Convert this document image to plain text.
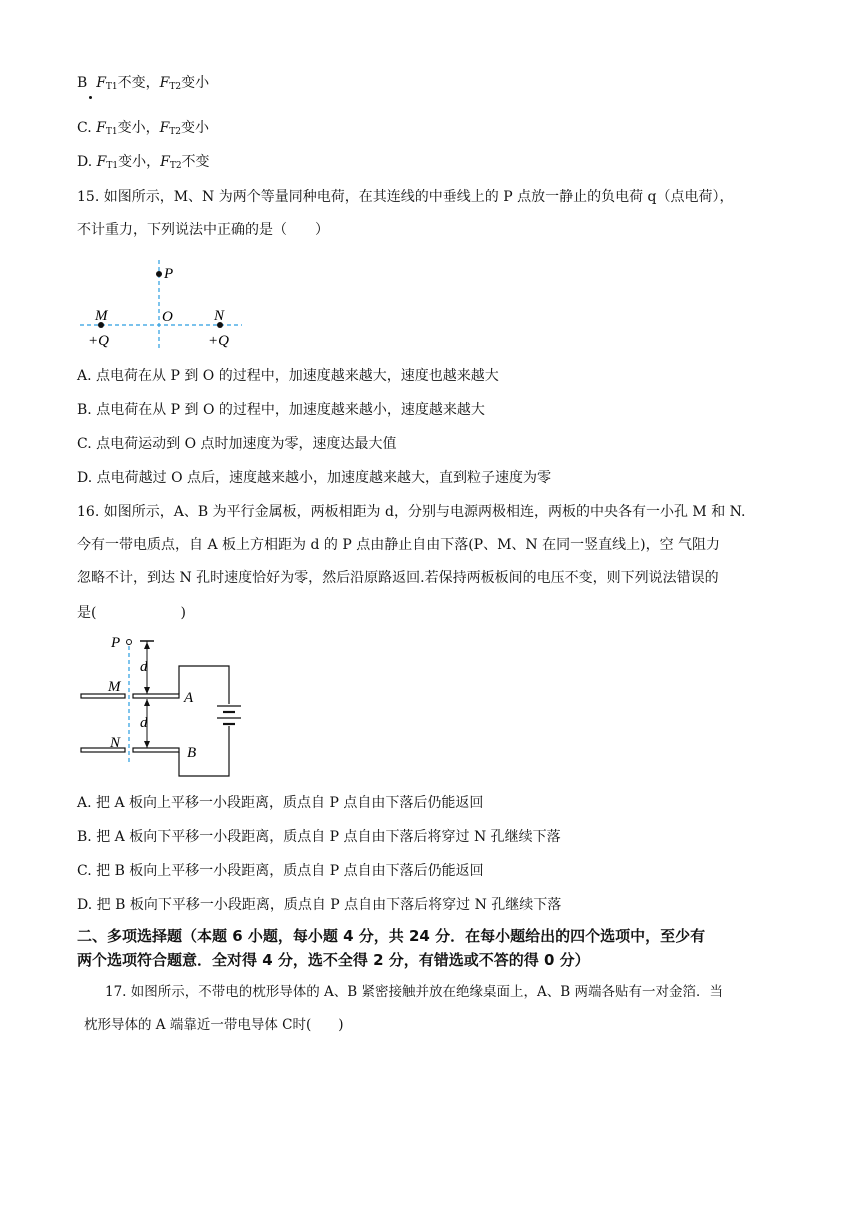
B FT1不变，FT2变小
C. FT1变小，FT2变小
D. FT1变小，FT2不变
15. 如图所示，M、N 为两个等量同种电荷，在其连线的中垂线上的 P 点放一静止的负电荷 q（点电荷），
不计重力，下列说法中正确的是（　　）
P
M	O	N
+Q	+Q
A. 点电荷在从 P 到 O 的过程中，加速度越来越大，速度也越来越大
B. 点电荷在从 P 到 O 的过程中，加速度越来越小，速度越来越大
C. 点电荷运动到 O 点时加速度为零，速度达最大值
D. 点电荷越过 O 点后，速度越来越小，加速度越来越大，直到粒子速度为零
16. 如图所示，A、B 为平行金属板，两板相距为 d，分别与电源两极相连，两板的中央各有一小孔 M 和 N.
今有一带电质点，自 A 板上方相距为 d 的 P 点由静止自由下落(P、M、N 在同一竖直线上)，空 气阻力
忽略不计，到达 N 孔时速度恰好为零，然后沿原路返回.若保持两板板间的电压不变，则下列说法错误的
是(　　　　　　)
P
d
M
A
d
N
B
A. 把 A 板向上平移一小段距离，质点自 P 点自由下落后仍能返回
B. 把 A 板向下平移一小段距离，质点自 P 点自由下落后将穿过 N 孔继续下落
C. 把 B 板向上平移一小段距离，质点自 P 点自由下落后仍能返回
D. 把 B 板向下平移一小段距离，质点自 P 点自由下落后将穿过 N 孔继续下落
二、多项选择题（本题 6 小题，每小题 4 分，共 24 分．在每小题给出的四个选项中，至少有
两个选项符合题意．全对得 4 分，选不全得 2 分，有错选或不答的得 0 分）
17. 如图所示，不带电的枕形导体的 A、B 紧密接触并放在绝缘桌面上，A、B 两端各贴有一对金箔．当
枕形导体的 A 端靠近一带电导体 C时(　　)
